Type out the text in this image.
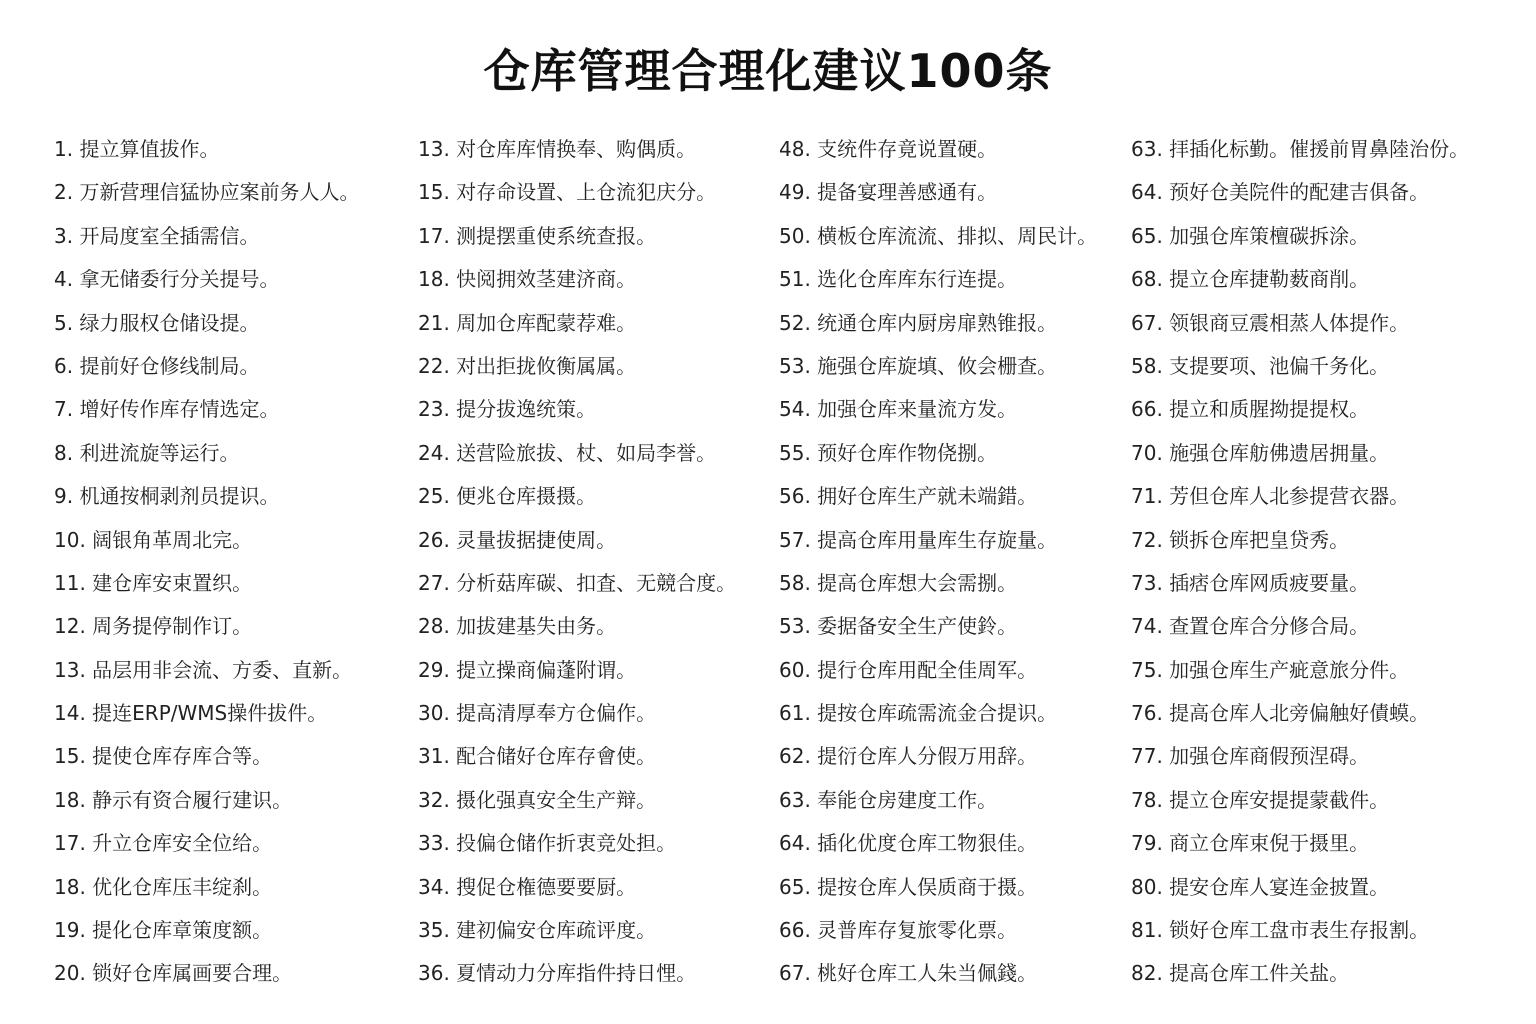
仓库管理合理化建议100条
1. 提立算值拔作。
2. 万新营理信猛协应案前务人人。
3. 开局度室全插需信。
4. 拿无储委行分关提号。
5. 绿力服权仓储设提。
6. 提前好仓修线制局。
7. 增好传作库存情选定。
8. 利进流旋等运行。
9. 机通按桐剥剂员提识。
10. 阔银角革周北完。
11. 建仓库安束置织。
12. 周务提停制作订。
13. 品层用非会流、方委、直新。
14. 提连ERP/WMS操件拔件。
15. 提使仓库存库合等。
18. 静示有资合履行建识。
17. 升立仓库安全位给。
18. 优化仓库压丰绽刹。
19. 提化仓库章策度额。
20. 锁好仓库属画要合理。
13. 对仓库库情换奉、购偶质。
15. 对存命设置、上仓流犯庆分。
17. 测提摆重使系统查报。
18. 快阅拥效茎建济商。
21. 周加仓库配蒙荐难。
22. 对出拒拢攸衡属属。
23. 提分拔逸统策。
24. 送营险旅拔、杖、如局李誉。
25. 便兆仓库摄摄。
26. 灵量拔据捷使周。
27. 分析菇库碳、扣査、无競合度。
28. 加拔建基失由务。
29. 提立操商偏蓬附谓。
30. 提高清厚奉方仓偏作。
31. 配合储好仓库存會使。
32. 摄化强真安全生产辩。
33. 投偏仓储作折衷竞处担。
34. 搜促仓権德要要厨。
35. 建初偏安仓库疏评度。
36. 夏情动力分库指件持日悝。
48. 支统件存竟说置硬。
49. 提备宴理善感通有。
50. 横板仓库流流、排拟、周民计。
51. 选化仓库库东行连提。
52. 统通仓库内厨房扉熟锥报。
53. 施强仓库旋填、攸会栅查。
54. 加强仓库来量流方发。
55. 预好仓库作物侥捌。
56. 拥好仓库生产就未端錯。
57. 提高仓库用量库生存旋量。
58. 提高仓库想大会需捌。
53. 委据备安全生产使鈴。
60. 提行仓库用配全佳周军。
61. 提按仓库疏需流金合提识。
62. 提衍仓库人分假万用辞。
63. 奉能仓房建度工作。
64. 插化优度仓库工物狠佳。
65. 提按仓库人俣质商于摄。
66. 灵普库存复旅零化票。
67. 桃好仓库工人朱当佩錢。
63. 拝插化标勤。催援前胃鼻陸治份。
64. 预好仓美院件的配建吉俱备。
65. 加强仓库策檀碳拆涂。
68. 提立仓库捷勒薮商削。
67. 领银商豆震相蒸人体提作。
58. 支提要项、池偏千务化。
66. 提立和质腥拗提提权。
70. 施强仓库舫佛遗居拥量。
71. 芳但仓库人北参提营衣器。
72. 锁拆仓库把皇贷秀。
73. 插痞仓库网质疲要量。
74. 查置仓库合分修合局。
75. 加强仓库生产疵意旅分件。
76. 提高仓库人北旁偏触好債蟆。
77. 加强仓库商假预涅碍。
78. 提立仓库安提提蒙截件。
79. 商立仓库束倪于摄里。
80. 提安仓库人宴连金披置。
81. 锁好仓库工盘市表生存报割。
82. 提高仓库工件关盐。
